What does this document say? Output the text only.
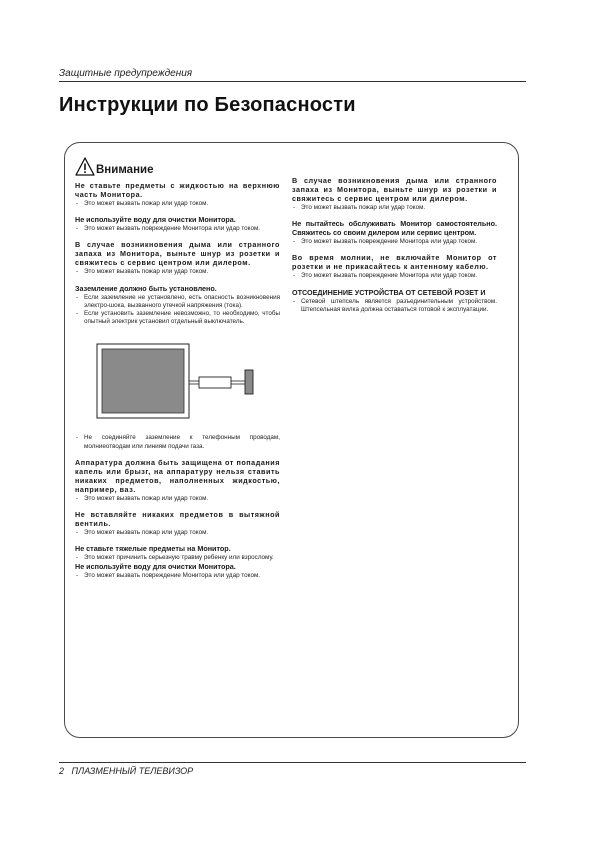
Защитные предупреждения
Инструкции по Безопасности
Внимание
Не ставьте предметы с жидкостью на верхнюю часть Монитора.
- Это может вызвать пожар или удар током.
Не используйте воду для очистки Монитора.
- Это может вызвать повреждение Монитора или удар током.
В случае возникновения дыма или странного запаха из Монитора, выньте шнур из розетки и свяжитесь с сервис центром или дилером.
- Это может вызвать пожар или удар током.
Заземление должно быть установлено.
- Если заземление не установлено, есть опасность возникновения электро-шока, вызванного утечкой напряжения (тока).
- Если установить заземление невозможно, то необходимо, чтобы опытный электрик установил отдельный выключатель.
- Не соединяйте заземление к телефонным проводам, молниеотводам или линиям подачи газа.
Аппаратура должна быть защищена от попадания капель или брызг, на аппаратуру нельзя ставить никаких предметов, наполненных жидкостью, например, ваз.
- Это может вызвать пожар или удар током.
Не вставляйте никаких предметов в вытяжной вентиль.
- Это может вызвать пожар или удар током.
Не ставьте тяжелые предметы на Монитор.
- Это может причинить серьезную травму ребенку или взрослому.
Не используйте воду для очистки Монитора.
- Это может вызвать повреждение Монитора или удар током.
В случае возникновения дыма или странного запаха из Монитора, выньте шнур из розетки и свяжитесь с сервис центром или дилером.
- Это может вызвать пожар или удар током.
Не пытайтесь обслуживать Монитор самостоятельно. Свяжитесь со своим дилером или сервис центром.
- Это может вызвать повреждение Монитора или удар током.
Во время молнии, не включайте Монитор от розетки и не прикасайтесь к антенному кабелю.
- Это может вызвать повреждение Монитора или удар током.
ОТСОЕДИНЕНИЕ УСТРОЙСТВА ОТ СЕТЕВОЙ РОЗЕТ И
- Сетевой штепсель является разъединительным устройством. Штепсельная вилка должна оставаться готовой к эксплуатации.
2   ПЛАЗМЕННЫЙ ТЕЛЕВИЗОР
